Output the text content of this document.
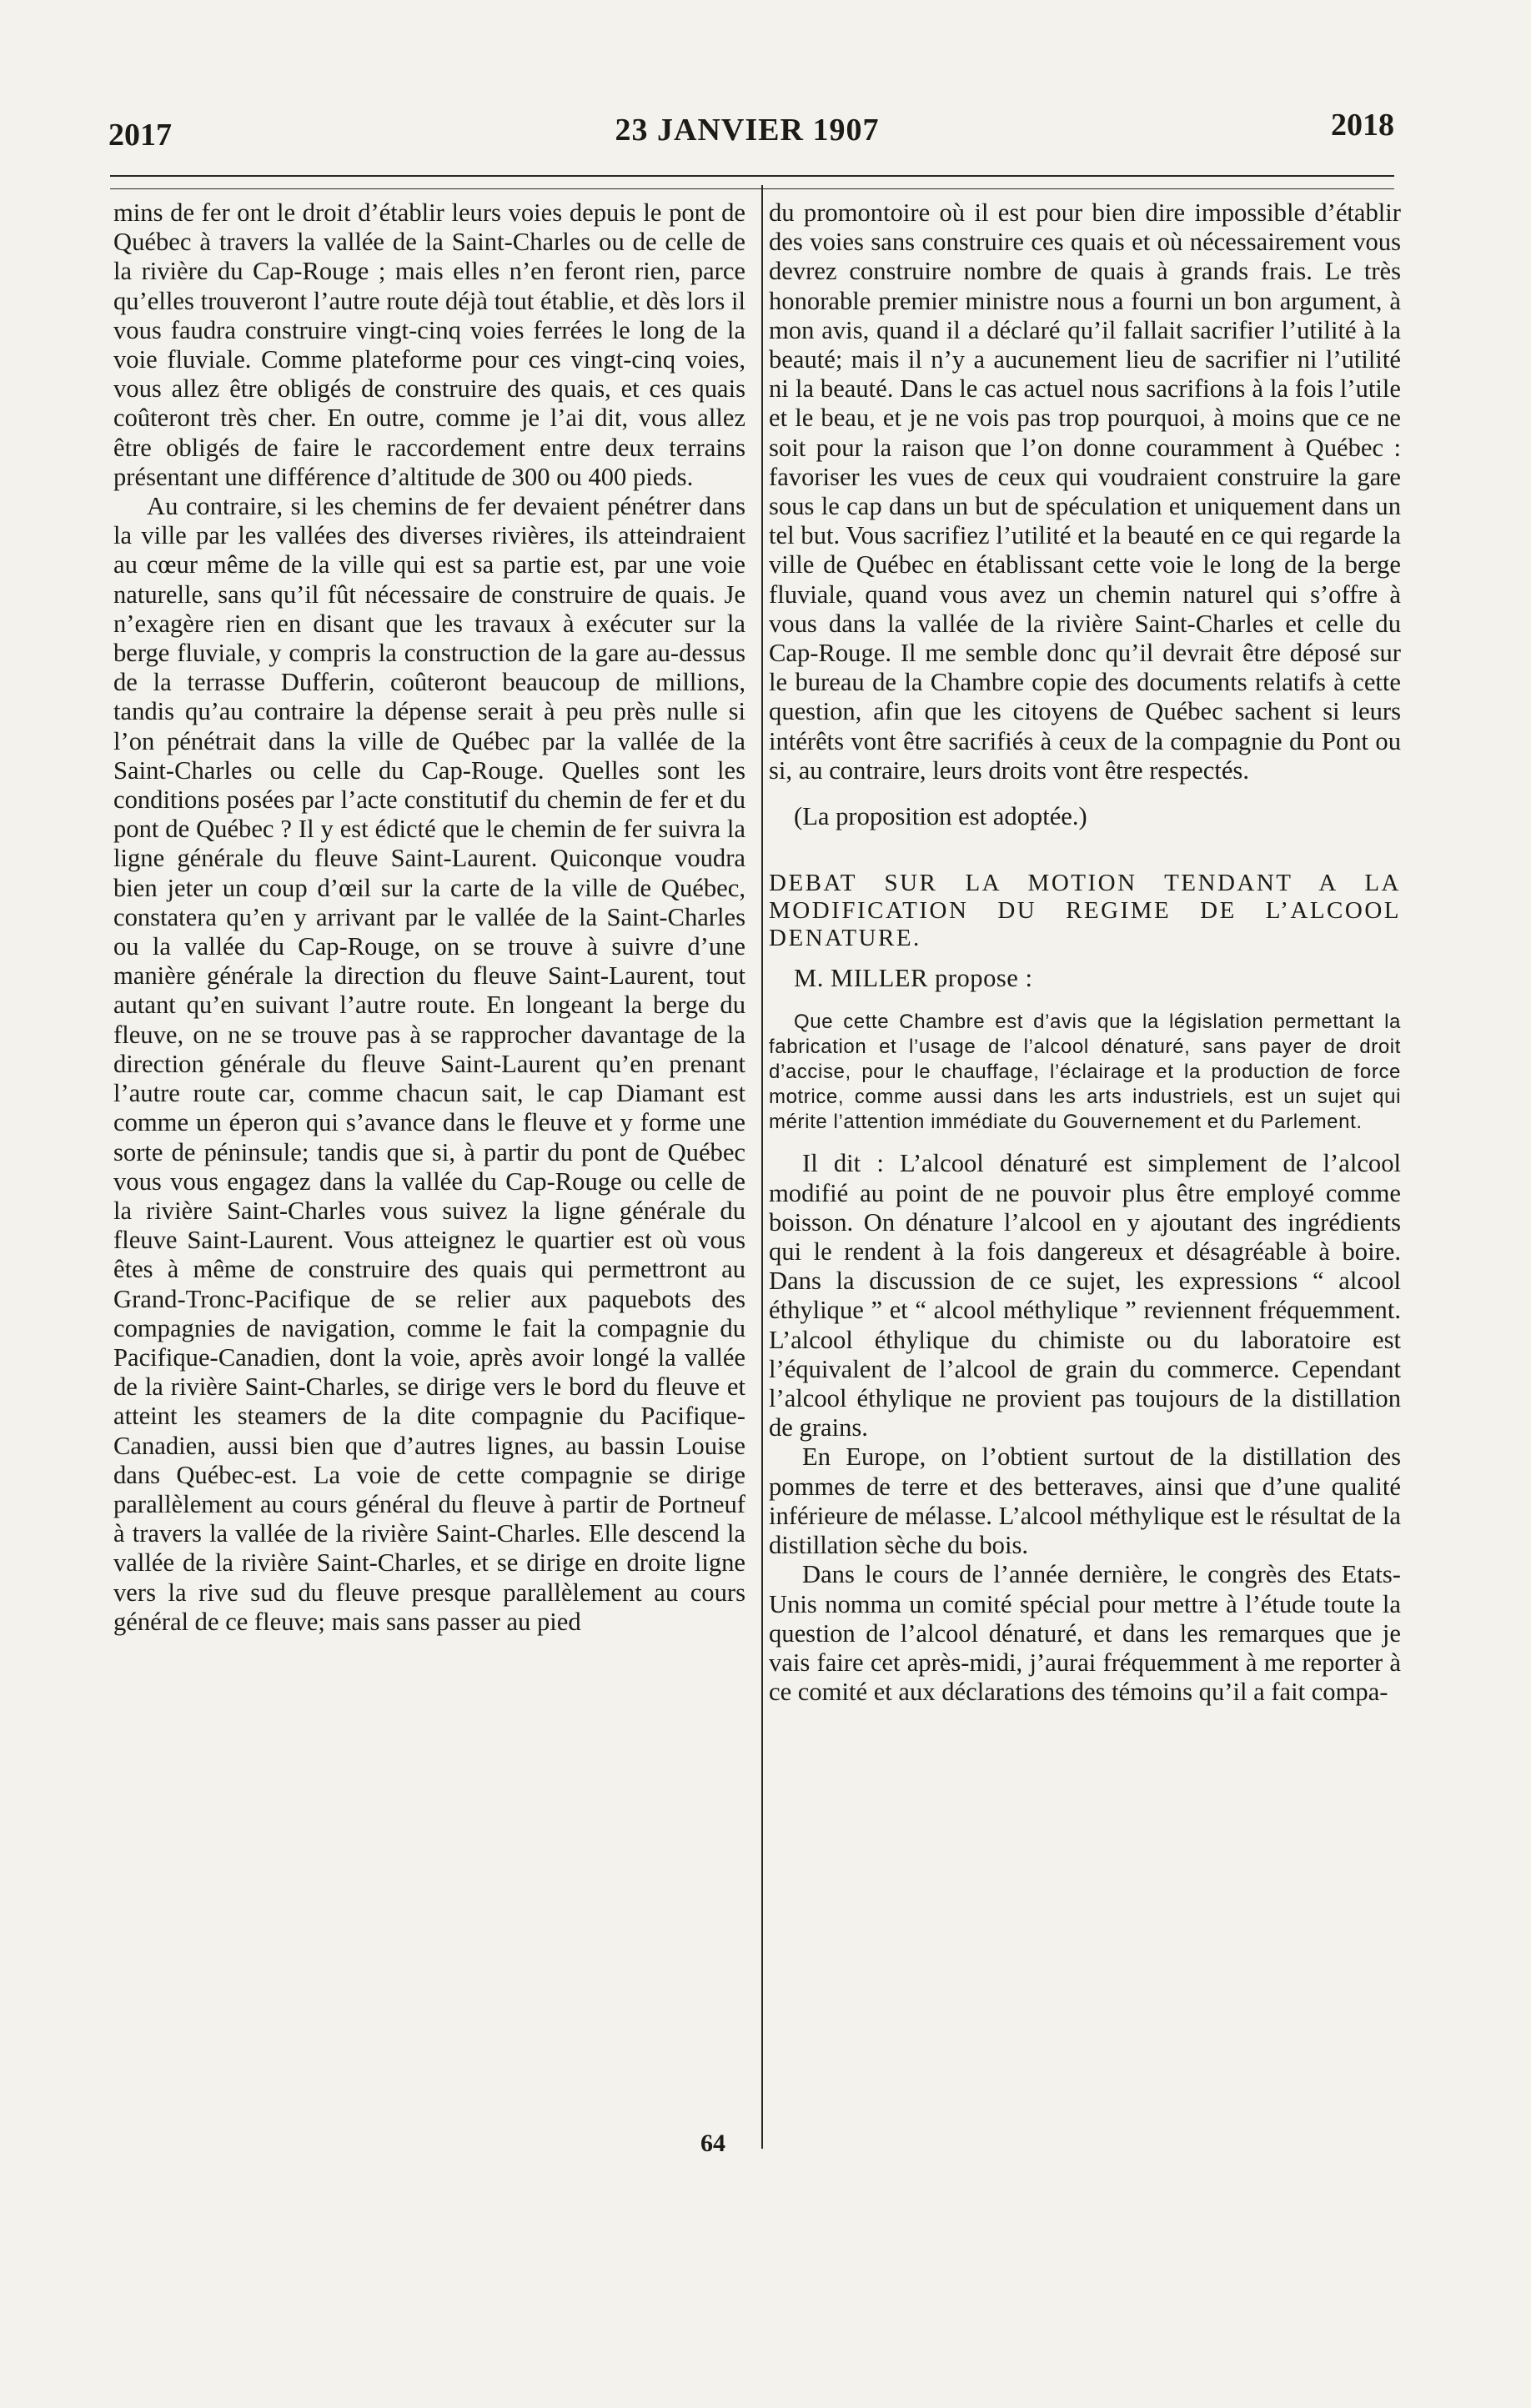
2017	23 JANVIER 1907	2018

mins de fer ont le droit d’établir leurs voies depuis le pont de Québec à travers la vallée de la Saint-Charles ou de celle de la rivière du Cap-Rouge ; mais elles n’en feront rien, parce qu’elles trouveront l’autre route déjà tout établie, et dès lors il vous faudra construire vingt-cinq voies ferrées le long de la voie fluviale. Comme plateforme pour ces vingt-cinq voies, vous allez être obligés de construire des quais, et ces quais coûteront très cher. En outre, comme je l’ai dit, vous allez être obligés de faire le raccordement entre deux terrains présentant une différence d’altitude de 300 ou 400 pieds.

Au contraire, si les chemins de fer devaient pénétrer dans la ville par les vallées des diverses rivières, ils atteindraient au cœur même de la ville qui est sa partie est, par une voie naturelle, sans qu’il fût nécessaire de construire de quais. Je n’exagère rien en disant que les travaux à exécuter sur la berge fluviale, y compris la construction de la gare au-dessus de la terrasse Dufferin, coûteront beaucoup de millions, tandis qu’au contraire la dépense serait à peu près nulle si l’on pénétrait dans la ville de Québec par la vallée de la Saint-Charles ou celle du Cap-Rouge. Quelles sont les conditions posées par l’acte constitutif du chemin de fer et du pont de Québec ? Il y est édicté que le chemin de fer suivra la ligne générale du fleuve Saint-Laurent. Quiconque voudra bien jeter un coup d’œil sur la carte de la ville de Québec, constatera qu’en y arrivant par le vallée de la Saint-Charles ou la vallée du Cap-Rouge, on se trouve à suivre d’une manière générale la direction du fleuve Saint-Laurent, tout autant qu’en suivant l’autre route. En longeant la berge du fleuve, on ne se trouve pas à se rapprocher davantage de la direction générale du fleuve Saint-Laurent qu’en prenant l’autre route car, comme chacun sait, le cap Diamant est comme un éperon qui s’avance dans le fleuve et y forme une sorte de péninsule; tandis que si, à partir du pont de Québec vous vous engagez dans la vallée du Cap-Rouge ou celle de la rivière Saint-Charles vous suivez la ligne générale du fleuve Saint-Laurent. Vous atteignez le quartier est où vous êtes à même de construire des quais qui permettront au Grand-Tronc-Pacifique de se relier aux paquebots des compagnies de navigation, comme le fait la compagnie du Pacifique-Canadien, dont la voie, après avoir longé la vallée de la rivière Saint-Charles, se dirige vers le bord du fleuve et atteint les steamers de la dite compagnie du Pacifique-Canadien, aussi bien que d’autres lignes, au bassin Louise dans Québec-est. La voie de cette compagnie se dirige parallèlement au cours général du fleuve à partir de Portneuf à travers la vallée de la rivière Saint-Charles. Elle descend la vallée de la rivière Saint-Charles, et se dirige en droite ligne vers la rive sud du fleuve presque parallèlement au cours général de ce fleuve; mais sans passer au pied

du promontoire où il est pour bien dire impossible d’établir des voies sans construire ces quais et où nécessairement vous devrez construire nombre de quais à grands frais. Le très honorable premier ministre nous a fourni un bon argument, à mon avis, quand il a déclaré qu’il fallait sacrifier l’utilité à la beauté; mais il n’y a aucunement lieu de sacrifier ni l’utilité ni la beauté. Dans le cas actuel nous sacrifions à la fois l’utile et le beau, et je ne vois pas trop pourquoi, à moins que ce ne soit pour la raison que l’on donne couramment à Québec : favoriser les vues de ceux qui voudraient construire la gare sous le cap dans un but de spéculation et uniquement dans un tel but. Vous sacrifiez l’utilité et la beauté en ce qui regarde la ville de Québec en établissant cette voie le long de la berge fluviale, quand vous avez un chemin naturel qui s’offre à vous dans la vallée de la rivière Saint-Charles et celle du Cap-Rouge. Il me semble donc qu’il devrait être déposé sur le bureau de la Chambre copie des documents relatifs à cette question, afin que les citoyens de Québec sachent si leurs intérêts vont être sacrifiés à ceux de la compagnie du Pont ou si, au contraire, leurs droits vont être respectés.

(La proposition est adoptée.)

DEBAT SUR LA MOTION TENDANT A LA MODIFICATION DU REGIME DE L’ALCOOL DENATURE.

M. MILLER propose :

Que cette Chambre est d’avis que la législation permettant la fabrication et l’usage de l’alcool dénaturé, sans payer de droit d’accise, pour le chauffage, l’éclairage et la production de force motrice, comme aussi dans les arts industriels, est un sujet qui mérite l’attention immédiate du Gouvernement et du Parlement.

Il dit : L’alcool dénaturé est simplement de l’alcool modifié au point de ne pouvoir plus être employé comme boisson. On dénature l’alcool en y ajoutant des ingrédients qui le rendent à la fois dangereux et désagréable à boire. Dans la discussion de ce sujet, les expressions “ alcool éthylique ” et “ alcool méthylique ” reviennent fréquemment. L’alcool éthylique du chimiste ou du laboratoire est l’équivalent de l’alcool de grain du commerce. Cependant l’alcool éthylique ne provient pas toujours de la distillation de grains.

En Europe, on l’obtient surtout de la distillation des pommes de terre et des betteraves, ainsi que d’une qualité inférieure de mélasse. L’alcool méthylique est le résultat de la distillation sèche du bois.

Dans le cours de l’année dernière, le congrès des Etats-Unis nomma un comité spécial pour mettre à l’étude toute la question de l’alcool dénaturé, et dans les remarques que je vais faire cet après-midi, j’aurai fréquemment à me reporter à ce comité et aux déclarations des témoins qu’il a fait compa-

64
